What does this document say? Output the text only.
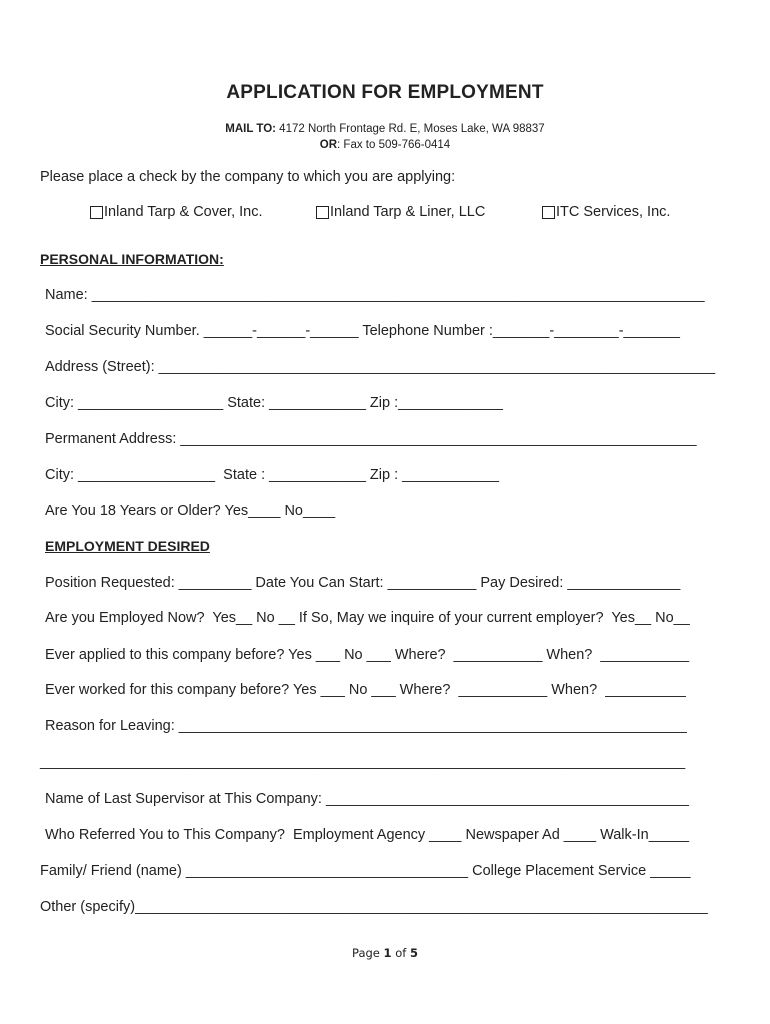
APPLICATION FOR EMPLOYMENT
MAIL TO: 4172 North Frontage Rd. E, Moses Lake, WA 98837
OR: Fax to 509-766-0414
Please place a check by the company to which you are applying:
Inland Tarp & Cover, Inc.	Inland Tarp & Liner, LLC	ITC Services, Inc.
PERSONAL INFORMATION:
Name: ____________________________________________________________________________
Social Security Number. ______-______-______ Telephone Number :_______-________-_______
Address (Street): _____________________________________________________________________
City: __________________ State: ____________ Zip :_____________
Permanent Address: ________________________________________________________________
City: _________________  State : ____________ Zip : ____________
Are You 18 Years or Older? Yes____ No____
EMPLOYMENT DESIRED
Position Requested: _________ Date You Can Start: ___________ Pay Desired: ______________
Are you Employed Now?  Yes__ No __ If So, May we inquire of your current employer?  Yes__ No__
Ever applied to this company before? Yes ___ No ___ Where?  ___________ When?  ___________
Ever worked for this company before? Yes ___ No ___ Where?  ___________ When?  __________
Reason for Leaving: _______________________________________________________________
________________________________________________________________________________
Name of Last Supervisor at This Company: _____________________________________________
Who Referred You to This Company?  Employment Agency ____ Newspaper Ad ____ Walk-In_____
Family/ Friend (name) ___________________________________ College Placement Service _____
Other (specify)_______________________________________________________________________
Page 1 of 5
